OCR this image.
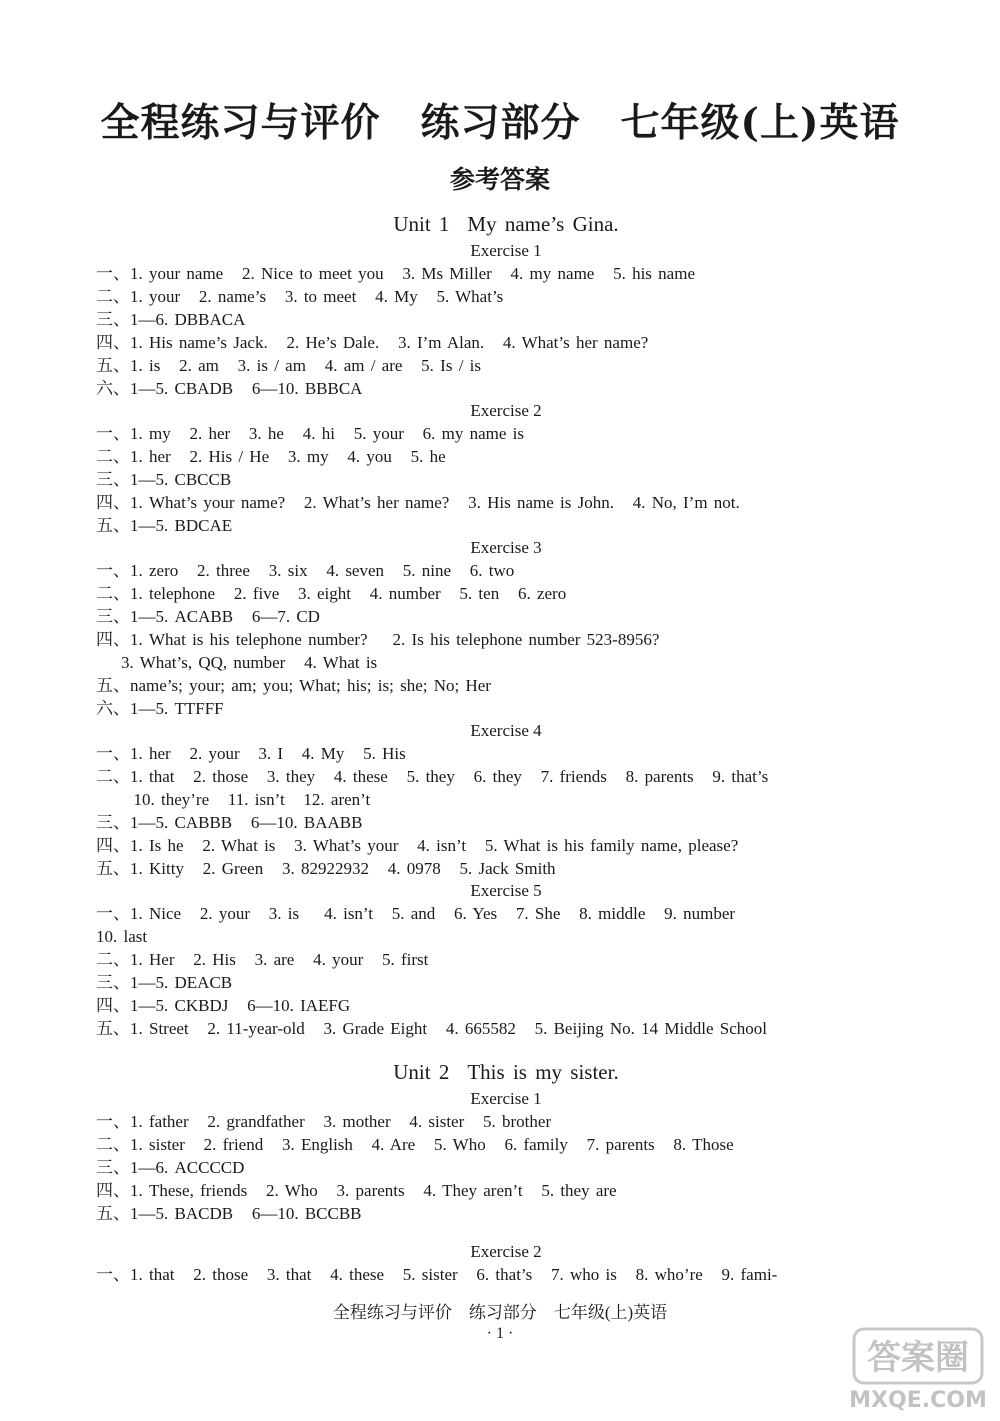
全程练习与评价　练习部分　七年级(上)英语
参考答案
Unit 1 My name’s Gina.
Exercise 1
一、1. your name   2. Nice to meet you   3. Ms Miller   4. my name   5. his name
二、1. your   2. name’s   3. to meet   4. My   5. What’s
三、1—6. DBBACA
四、1. His name’s Jack.   2. He’s Dale.   3. I’m Alan.   4. What’s her name?
五、1. is   2. am   3. is / am   4. am / are   5. Is / is
六、1—5. CBADB   6—10. BBBCA
Exercise 2
一、1. my   2. her   3. he   4. hi   5. your   6. my name is
二、1. her   2. His / He   3. my   4. you   5. he
三、1—5. CBCCB
四、1. What’s your name?   2. What’s her name?   3. His name is John.   4. No, I’m not.
五、1—5. BDCAE
Exercise 3
一、1. zero   2. three   3. six   4. seven   5. nine   6. two
二、1. telephone   2. five   3. eight   4. number   5. ten   6. zero
三、1—5. ACABB   6—7. CD
四、1. What is his telephone number?    2. Is his telephone number 523-8956?
3. What’s, QQ, number   4. What is
五、name’s; your; am; you; What; his; is; she; No; Her
六、1—5. TTFFF
Exercise 4
一、1. her   2. your   3. I   4. My   5. His
二、1. that   2. those   3. they   4. these   5. they   6. they   7. friends   8. parents   9. that’s
10. they’re   11. isn’t   12. aren’t
三、1—5. CABBB   6—10. BAABB
四、1. Is he   2. What is   3. What’s your   4. isn’t   5. What is his family name, please?
五、1. Kitty   2. Green   3. 82922932   4. 0978   5. Jack Smith
Exercise 5
一、1. Nice   2. your   3. is    4. isn’t   5. and   6. Yes   7. She   8. middle   9. number
10. last
二、1. Her   2. His   3. are   4. your   5. first
三、1—5. DEACB
四、1—5. CKBDJ   6—10. IAEFG
五、1. Street   2. 11-year-old   3. Grade Eight   4. 665582   5. Beijing No. 14 Middle School
Unit 2 This is my sister.
Exercise 1
一、1. father   2. grandfather   3. mother   4. sister   5. brother
二、1. sister   2. friend   3. English   4. Are   5. Who   6. family   7. parents   8. Those
三、1—6. ACCCCD
四、1. These, friends   2. Who   3. parents   4. They aren’t   5. they are
五、1—5. BACDB   6—10. BCCBB
Exercise 2
一、1. that   2. those   3. that   4. these   5. sister   6. that’s   7. who is   8. who’re   9. fami-
全程练习与评价　练习部分　七年级(上)英语
· 1 ·
答案圈
MXQE.COM
